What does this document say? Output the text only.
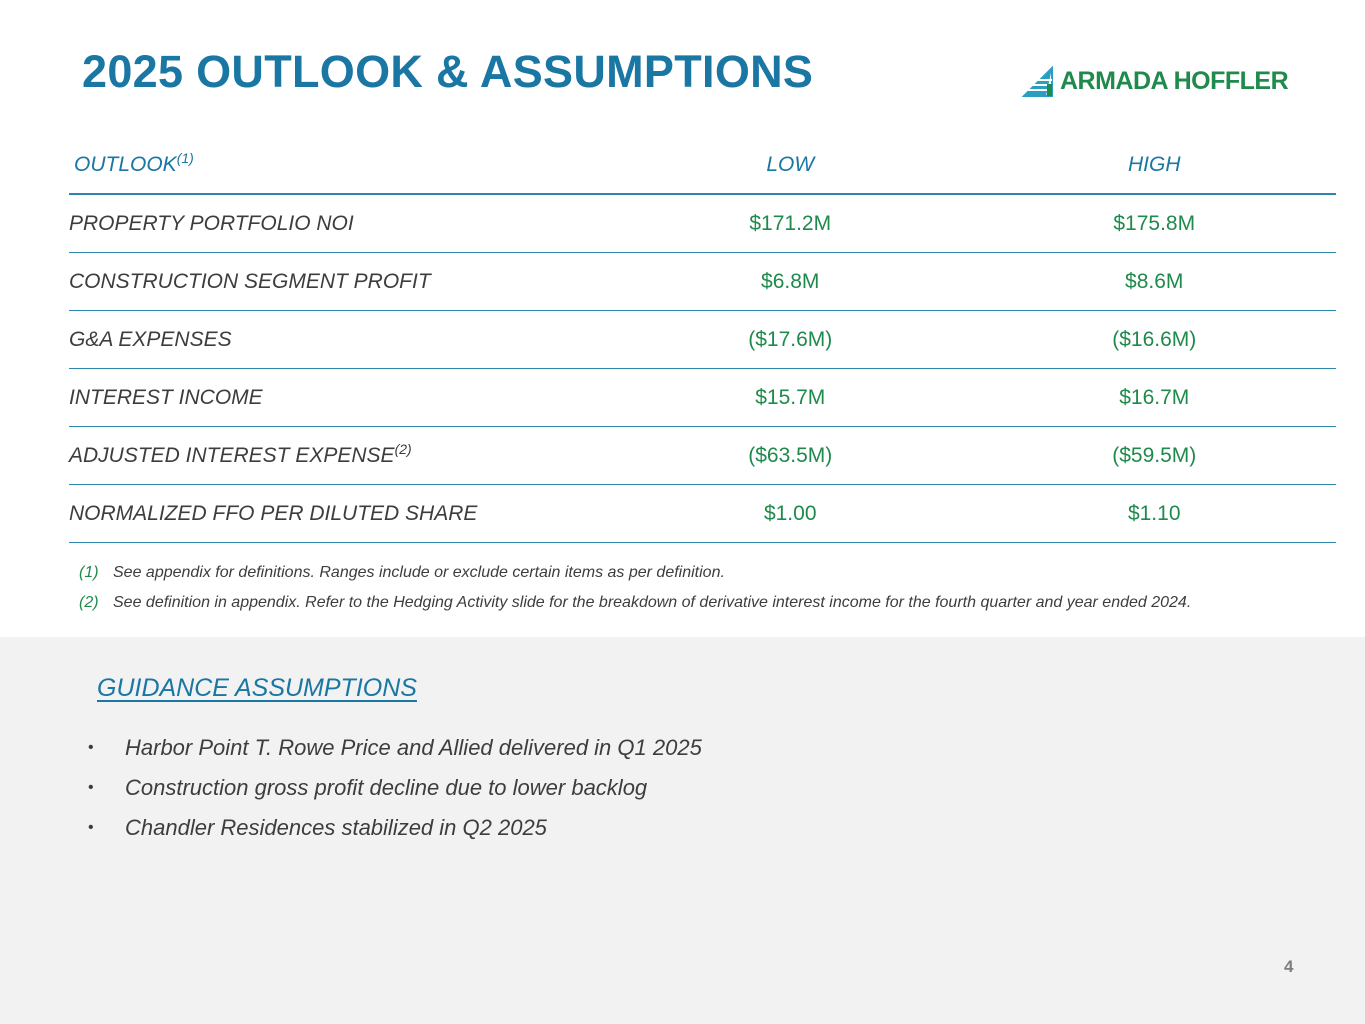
2025 OUTLOOK & ASSUMPTIONS	ARMADA HOFFLER
OUTLOOK$^{(1)}$	LOW	HIGH
PROPERTY PORTFOLIO NOI	$171.2M	$175.8M
CONSTRUCTION SEGMENT PROFIT	$6.8M	$8.6M
G&A EXPENSES	($17.6M)	($16.6M)
INTEREST INCOME	$15.7M	$16.7M
ADJUSTED INTEREST EXPENSE$^{(2)}$	($63.5M)	($59.5M)
NORMALIZED FFO PER DILUTED SHARE	$1.00	$1.10
(1) See appendix for definitions. Ranges include or exclude certain items as per definition.
(2) See definition in appendix. Refer to the Hedging Activity slide for the breakdown of derivative interest income for the fourth quarter and year ended 2024.
GUIDANCE ASSUMPTIONS
•	Harbor Point T. Rowe Price and Allied delivered in Q1 2025
•	Construction gross profit decline due to lower backlog
•	Chandler Residences stabilized in Q2 2025
4
